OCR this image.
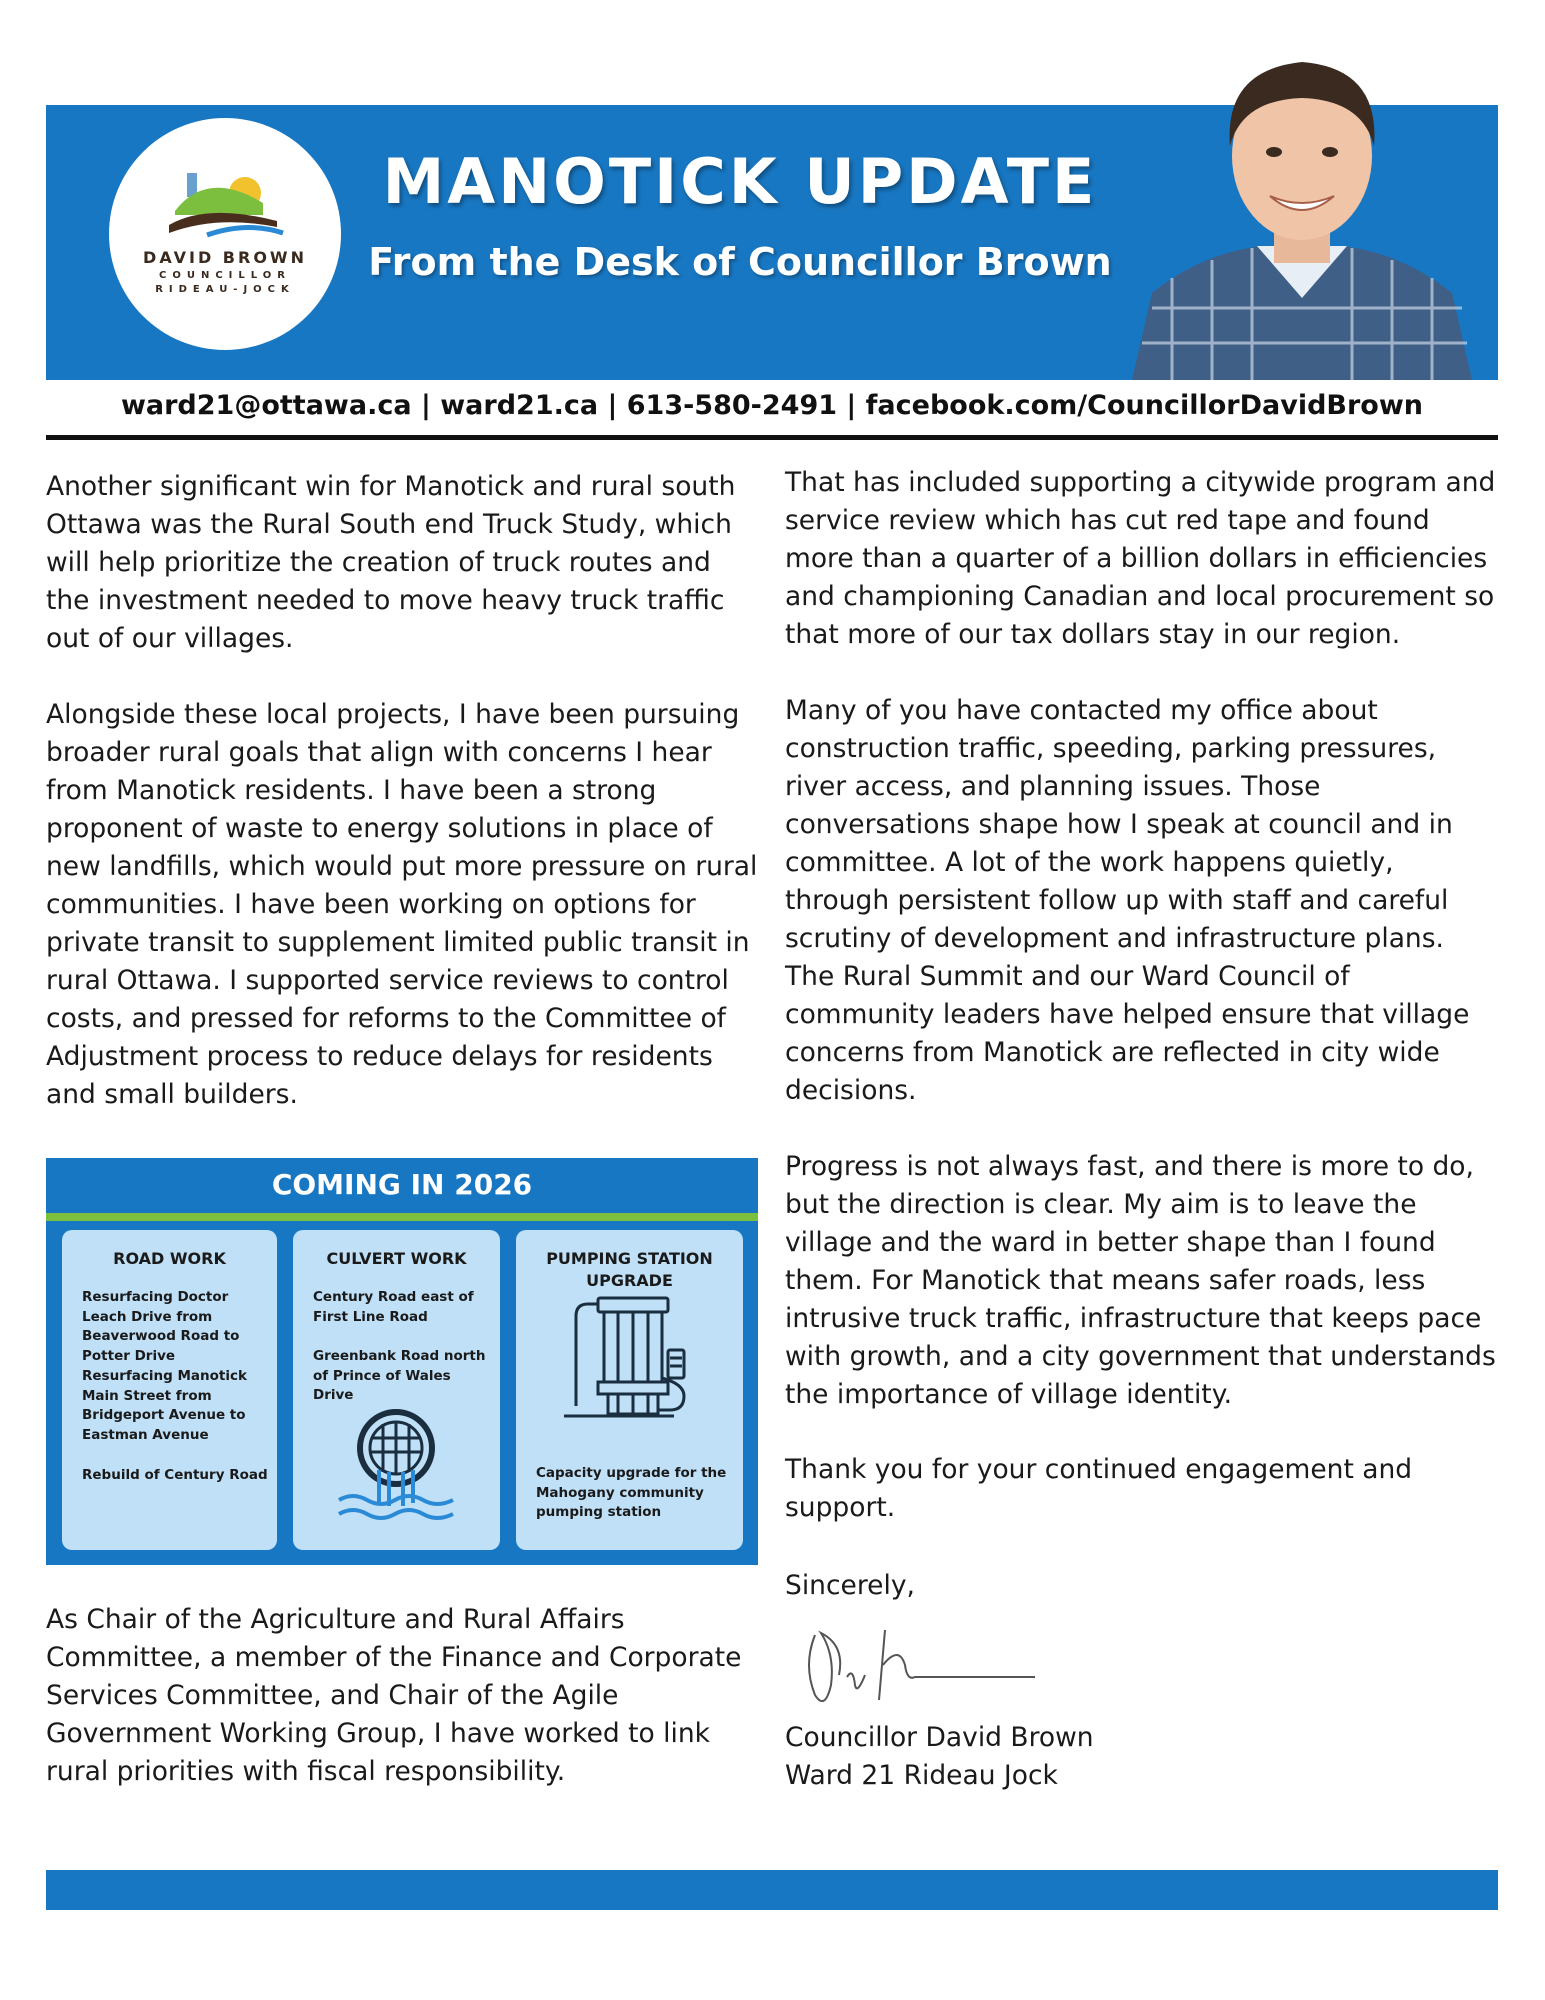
DAVID BROWN
COUNCILLOR
RIDEAU-JOCK
MANOTICK UPDATE
From the Desk of Councillor Brown
ward21@ottawa.ca | ward21.ca | 613-580-2491 | facebook.com/CouncillorDavidBrown

Another significant win for Manotick and rural south Ottawa was the Rural South end Truck Study, which will help prioritize the creation of truck routes and the investment needed to move heavy truck traffic out of our villages.

Alongside these local projects, I have been pursuing broader rural goals that align with concerns I hear from Manotick residents. I have been a strong proponent of waste to energy solutions in place of new landfills, which would put more pressure on rural communities. I have been working on options for private transit to supplement limited public transit in rural Ottawa. I supported service reviews to control costs, and pressed for reforms to the Committee of Adjustment process to reduce delays for residents and small builders.

COMING IN 2026
ROAD WORK
Resurfacing Doctor Leach Drive from Beaverwood Road to Potter Drive
Resurfacing Manotick Main Street from Bridgeport Avenue to Eastman Avenue
Rebuild of Century Road
CULVERT WORK
Century Road east of First Line Road
Greenbank Road north of Prince of Wales Drive
PUMPING STATION UPGRADE
Capacity upgrade for the Mahogany community pumping station

As Chair of the Agriculture and Rural Affairs Committee, a member of the Finance and Corporate Services Committee, and Chair of the Agile Government Working Group, I have worked to link rural priorities with fiscal responsibility.

That has included supporting a citywide program and service review which has cut red tape and found more than a quarter of a billion dollars in efficiencies and championing Canadian and local procurement so that more of our tax dollars stay in our region.

Many of you have contacted my office about construction traffic, speeding, parking pressures, river access, and planning issues. Those conversations shape how I speak at council and in committee. A lot of the work happens quietly, through persistent follow up with staff and careful scrutiny of development and infrastructure plans. The Rural Summit and our Ward Council of community leaders have helped ensure that village concerns from Manotick are reflected in city wide decisions.

Progress is not always fast, and there is more to do, but the direction is clear. My aim is to leave the village and the ward in better shape than I found them. For Manotick that means safer roads, less intrusive truck traffic, infrastructure that keeps pace with growth, and a city government that understands the importance of village identity.

Thank you for your continued engagement and support.

Sincerely,

Councillor David Brown

Ward 21 Rideau Jock
